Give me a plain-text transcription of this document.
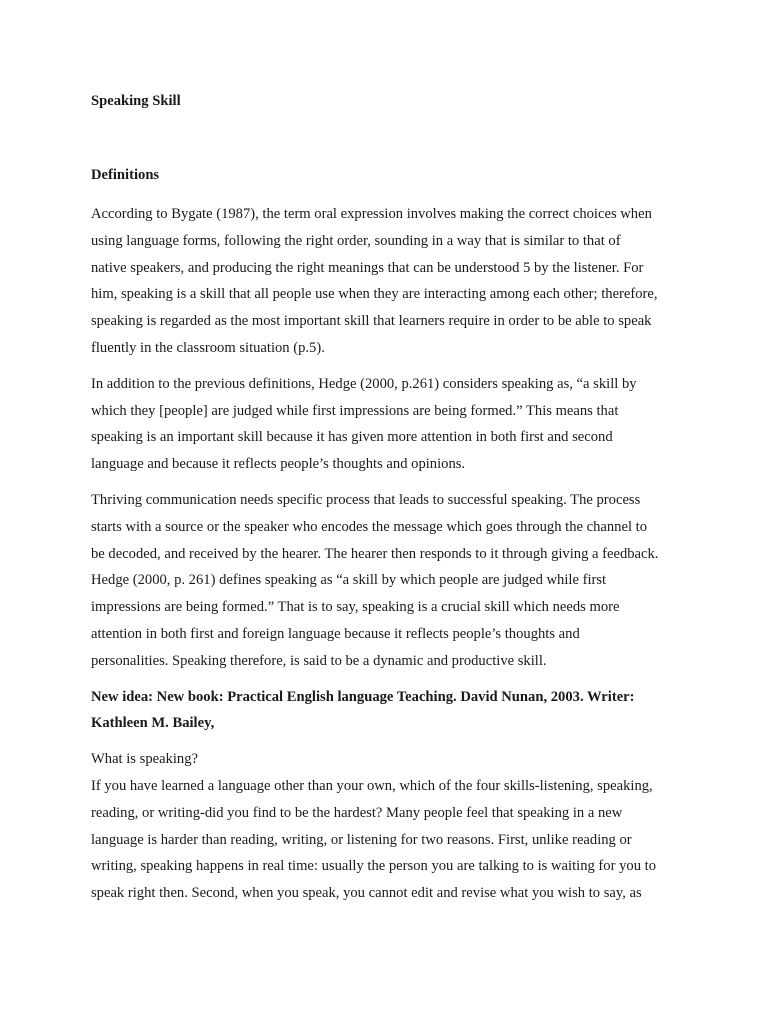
Speaking Skill
Definitions

According to Bygate (1987), the term oral expression involves making the correct choices when
using language forms, following the right order, sounding in a way that is similar to that of
native speakers, and producing the right meanings that can be understood 5 by the listener. For
him, speaking is a skill that all people use when they are interacting among each other; therefore,
speaking is regarded as the most important skill that learners require in order to be able to speak
fluently in the classroom situation (p.5).

In addition to the previous definitions, Hedge (2000, p.261) considers speaking as, “a skill by
which they [people] are judged while first impressions are being formed.” This means that
speaking is an important skill because it has given more attention in both first and second
language and because it reflects people’s thoughts and opinions.

Thriving communication needs specific process that leads to successful speaking. The process
starts with a source or the speaker who encodes the message which goes through the channel to
be decoded, and received by the hearer. The hearer then responds to it through giving a feedback.
Hedge (2000, p. 261) defines speaking as “a skill by which people are judged while first
impressions are being formed.” That is to say, speaking is a crucial skill which needs more
attention in both first and foreign language because it reflects people’s thoughts and
personalities. Speaking therefore, is said to be a dynamic and productive skill.

New idea: New book: Practical English language Teaching. David Nunan, 2003. Writer:
Kathleen M. Bailey,

What is speaking?
If you have learned a language other than your own, which of the four skills-listening, speaking,
reading, or writing-did you find to be the hardest? Many people feel that speaking in a new
language is harder than reading, writing, or listening for two reasons. First, unlike reading or
writing, speaking happens in real time: usually the person you are talking to is waiting for you to
speak right then. Second, when you speak, you cannot edit and revise what you wish to say, as
